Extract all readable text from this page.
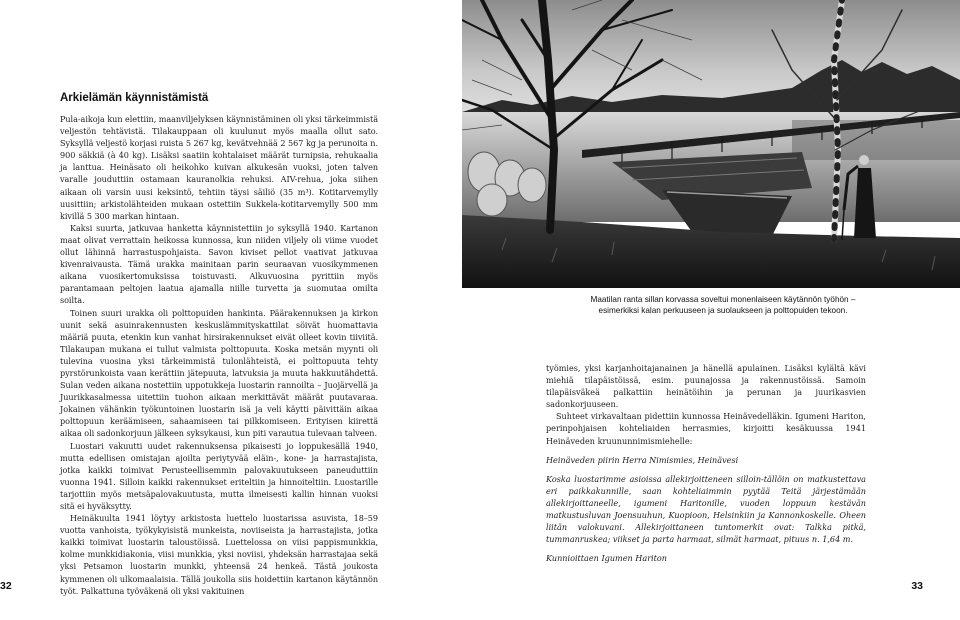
Arkielämän käynnistämistä

Pula-aikoja kun elettiin, maanviljelyksen käynnistäminen oli yksi tärkeimmistä veljestön tehtävistä. Tilakauppaan oli kuulunut myös maalla ollut sato. Syksyllä veljestö korjasi ruista 5 267 kg, kevätvehnää 2 567 kg ja perunoita n. 900 säkkiä (à 40 kg). Lisäksi saatiin kohtalaiset määrät turnipsia, rehukaalia ja lanttua. Heinäsato oli heikohko kuivan alkukesän vuoksi, joten talven varalle jouduttiin ostamaan kauranolkia rehuksi. AIV-rehua, joka siihen aikaan oli varsin uusi keksintö, tehtiin täysi säiliö (35 m³). Kotitarvemylly uusittiin; arkistolähteiden mukaan ostettiin Sukkela-kotitarvemylly 500 mm kivillä 5 300 markan hintaan.

Kaksi suurta, jatkuvaa hanketta käynnistettiin jo syksyllä 1940. Kartanon maat olivat verrattain heikossa kunnossa, kun niiden viljely oli viime vuodet ollut lähinnä harrastuspohjaista. Savon kiviset pellot vaativat jatkuvaa kivenraivausta. Tämä urakka mainitaan parin seuraavan vuosikymmenen aikana vuosikertomuksissa toistuvasti. Alkuvuosina pyrittiin myös parantamaan peltojen laatua ajamalla niille turvetta ja suomutaa omilta soilta.

Toinen suuri urakka oli polttopuiden hankinta. Päärakennuksen ja kirkon uunit sekä asuinrakennusten keskuslämmityskattilat söivät huomattavia määriä puuta, etenkin kun vanhat hirsirakennukset eivät olleet kovin tiiviitä. Tilakaupan mukana ei tullut valmista polttopuuta. Koska metsän myynti oli tulevina vuosina yksi tärkeimmistä tulonlähteistä, ei polttopuuta tehty pyrstörunkoista vaan kerättiin jätepuuta, latvuksia ja muuta hakkuutähdettä. Sulan veden aikana nostettiin uppotukkeja luostarin rannoilta – Juojärvellä ja Juurikkasalmessa uitettiin tuohon aikaan merkittävät määrät puutavaraa. Jokainen vähänkin työkuntoinen luostarin isä ja veli käytti päivittäin aikaa polttopuun keräämiseen, sahaamiseen tai pilkkomiseen. Erityisen kiirettä aikaa oli sadonkorjuun jälkeen syksykausi, kun piti varautua tulevaan talveen.

Luostari vakuutti uudet rakennuksensa pikaisesti jo loppukesällä 1940, mutta edellisen omistajan ajoilta periytyvää eläin-, kone- ja harrastajista, jotka kaikki toimivat Perusteellisemmin palovakuutukseen paneuduttiin vuonna 1941. Silloin kaikki rakennukset eriteltiin ja hinnoiteltiin. Luostarille tarjottiin myös metsäpalovakuutusta, mutta ilmeisesti kallin hinnan vuoksi sitä ei hyväksytty.

Heinäkuulta 1941 löytyy arkistosta luettelo luostarissa asuvista, 18–59 vuotta vanhoista, työkykyisistä munkeista, noviiseista ja harrastajista, jotka kaikki toimivat luostarin taloustöissä. Luettelossa on viisi pappismunkkia, kolme munkkidiakonia, viisi munkkia, yksi noviisi, yhdeksän harrastajaa sekä yksi Petsamon luostarin munkki, yhteensä 24 henkeä. Tästä joukosta kymmenen oli ulkomaalaisia. Tällä joukolla siis hoidettiin kartanon käytännön työt. Palkattuna työväkenä oli yksi vakituinen

32
Maatilan ranta sillan korvassa soveltui monenlaiseen käytännön työhön –
esimerkiksi kalan perkuuseen ja suolaukseen ja polttopuiden tekoon.

työmies, yksi karjanhoitajanainen ja hänellä apulainen. Lisäksi kylältä kävi miehiä tilapäistöissä, esim. puunajossa ja rakennustöissä. Samoin tilapäisväkeä palkattiin heinätöihin ja perunan ja juurikasvien sadonkorjuuseen.

Suhteet virkavaltaan pidettiin kunnossa Heinävedelläkin. Igumeni Hariton, perinpohjaisen kohteliaiden herrasmies, kirjoitti kesäkuussa 1941 Heinäveden kruununnimismiehelle:

Heinäveden piirin Herra Nimismies, Heinävesi

Koska luostarimme asioissa allekirjoitteneen silloin-tällöin on matkustettava eri paikkakunnille, saan kohteliaimmin pyytää Teitä järjestämään allekirjoittaneelle, igumeni Haritonille, vuoden loppuun kestävän matkustusluvan Joensuuhun, Kuopioon, Helsinkiin ja Kannonkoskelle. Oheen liitän valokuvani. Allekirjoittaneen tuntomerkit ovat: Talkka pitkä, tummanruskea; viikset ja parta harmaat, silmät harmaat, pituus n. 1,64 m.

Kunnioittaen Igumen Hariton

33
